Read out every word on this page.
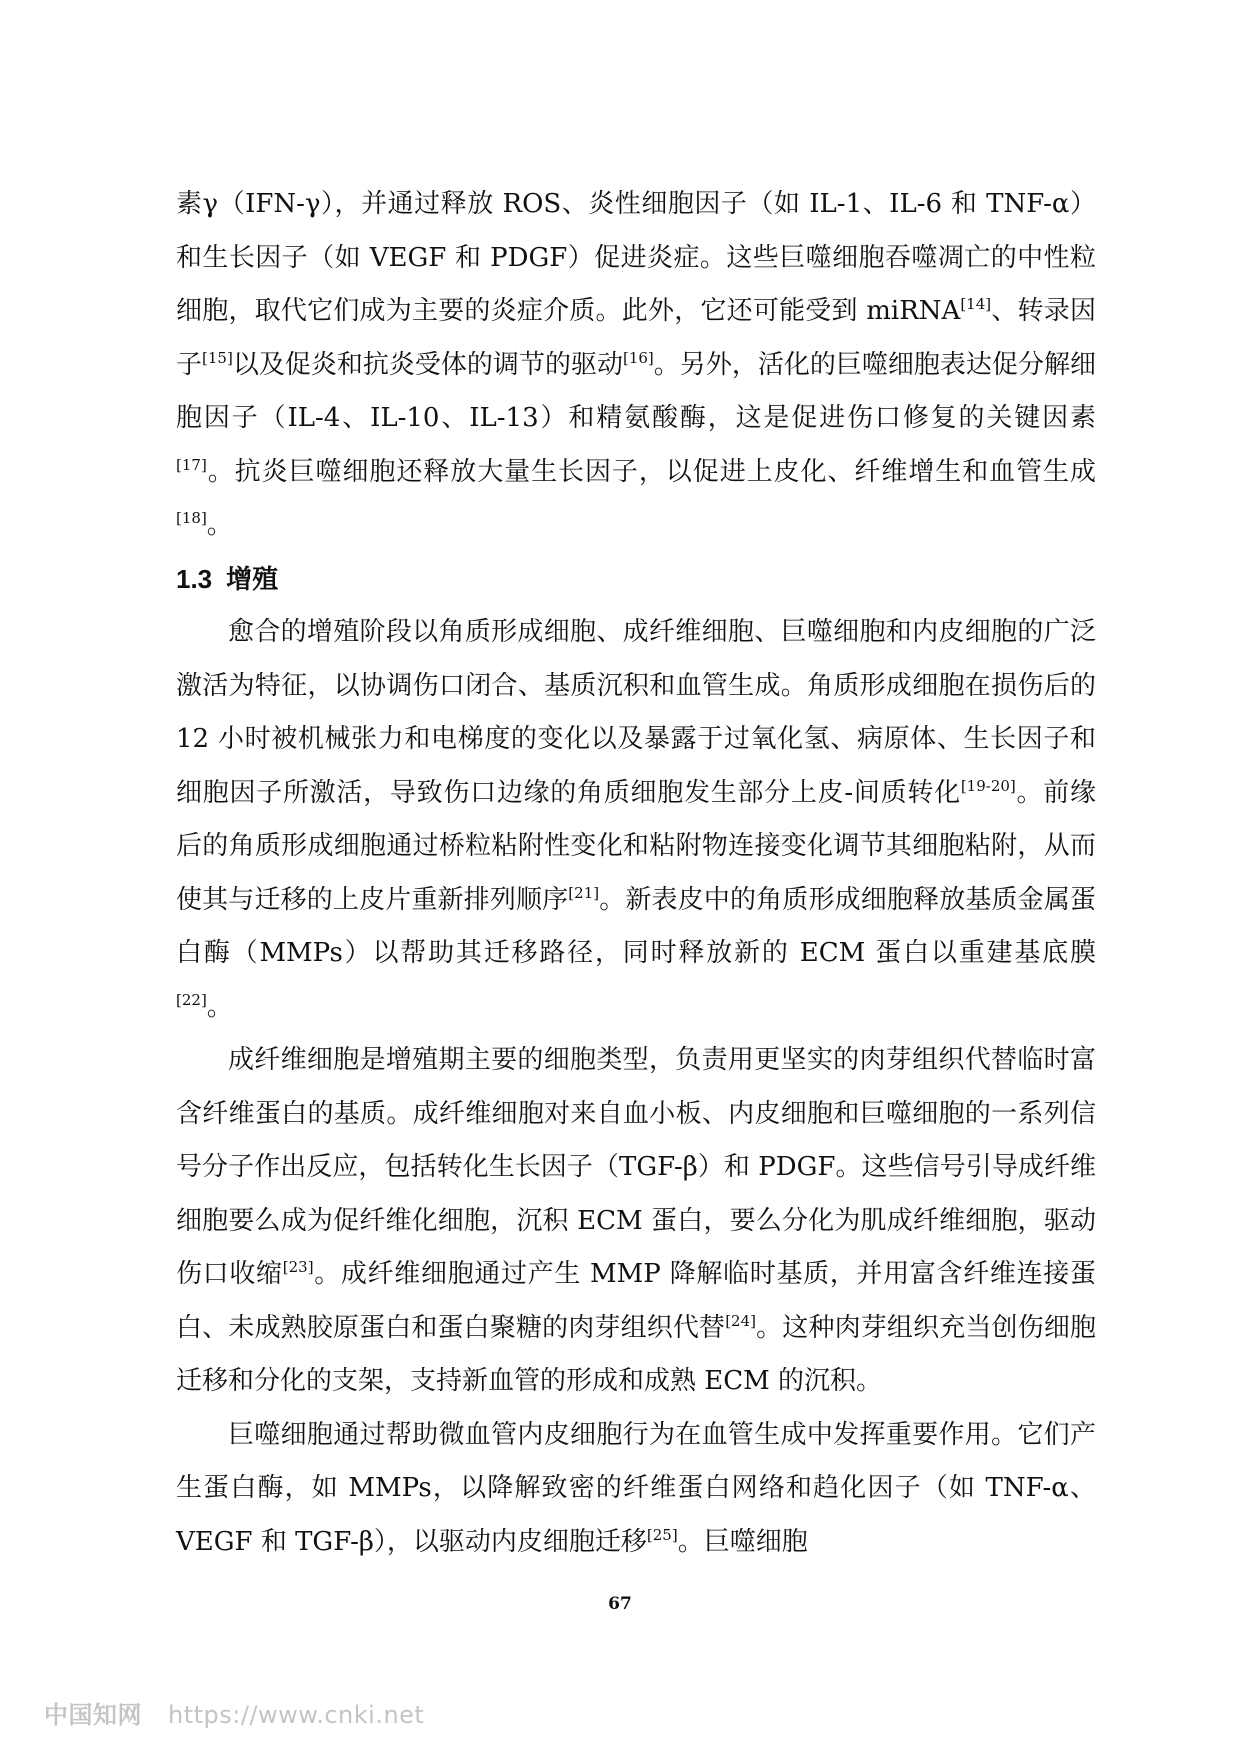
素γ（IFN-γ），并通过释放 ROS、炎性细胞因子（如 IL-1、IL-6 和 TNF-α）和生长因子（如 VEGF 和 PDGF）促进炎症。这些巨噬细胞吞噬凋亡的中性粒细胞，取代它们成为主要的炎症介质。此外，它还可能受到 miRNA[14]、转录因子[15]以及促炎和抗炎受体的调节的驱动[16]。另外，活化的巨噬细胞表达促分解细胞因子（IL-4、IL-10、IL-13）和精氨酸酶，这是促进伤口修复的关键因素[17]。抗炎巨噬细胞还释放大量生长因子，以促进上皮化、纤维增生和血管生成[18]。

1.3 增殖

愈合的增殖阶段以角质形成细胞、成纤维细胞、巨噬细胞和内皮细胞的广泛激活为特征，以协调伤口闭合、基质沉积和血管生成。角质形成细胞在损伤后的 12 小时被机械张力和电梯度的变化以及暴露于过氧化氢、病原体、生长因子和细胞因子所激活，导致伤口边缘的角质细胞发生部分上皮-间质转化[19-20]。前缘后的角质形成细胞通过桥粒粘附性变化和粘附物连接变化调节其细胞粘附，从而使其与迁移的上皮片重新排列顺序[21]。新表皮中的角质形成细胞释放基质金属蛋白酶（MMPs）以帮助其迁移路径，同时释放新的 ECM 蛋白以重建基底膜[22]。

成纤维细胞是增殖期主要的细胞类型，负责用更坚实的肉芽组织代替临时富含纤维蛋白的基质。成纤维细胞对来自血小板、内皮细胞和巨噬细胞的一系列信号分子作出反应，包括转化生长因子（TGF-β）和 PDGF。这些信号引导成纤维细胞要么成为促纤维化细胞，沉积 ECM 蛋白，要么分化为肌成纤维细胞，驱动伤口收缩[23]。成纤维细胞通过产生 MMP 降解临时基质，并用富含纤维连接蛋白、未成熟胶原蛋白和蛋白聚糖的肉芽组织代替[24]。这种肉芽组织充当创伤细胞迁移和分化的支架，支持新血管的形成和成熟 ECM 的沉积。

巨噬细胞通过帮助微血管内皮细胞行为在血管生成中发挥重要作用。它们产生蛋白酶，如 MMPs，以降解致密的纤维蛋白网络和趋化因子（如 TNF-α、VEGF 和 TGF-β），以驱动内皮细胞迁移[25]。巨噬细胞

67
中国知网 https://www.cnki.net
